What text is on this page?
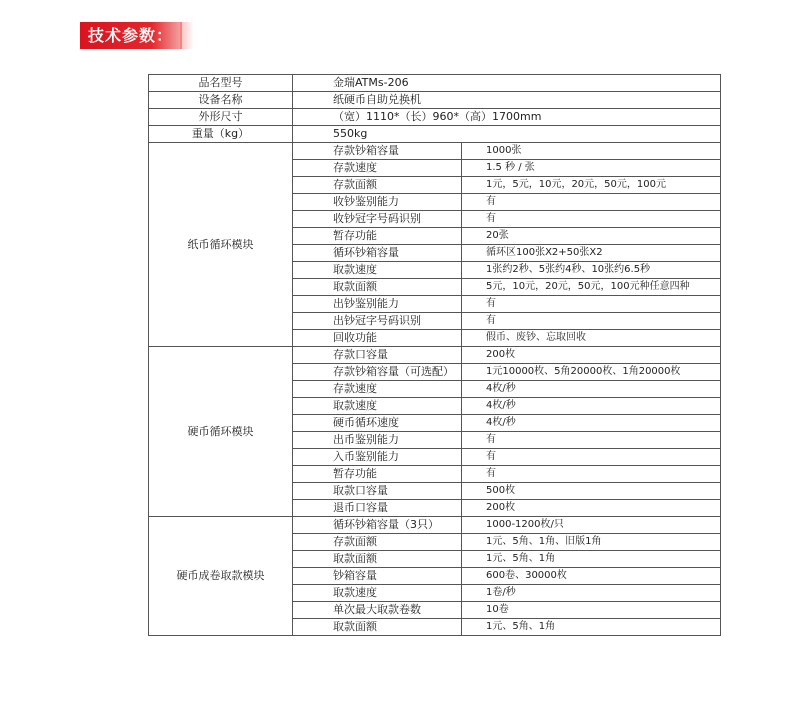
技术参数：
品名型号	金瑞ATMs-206	
设备名称	纸硬币自助兑换机	
外形尺寸	（宽）1110*（长）960*（高）1700mm	
重量（kg）	550kg	
纸币循环模块	存款钞箱容量	1000张
	存款速度	1.5 秒 / 张
	存款面额	1元，5元，10元，20元，50元，100元
	收钞鉴别能力	有
	收钞冠字号码识别	有
	暂存功能	20张
	循环钞箱容量	循环区100张X2+50张X2
	取款速度	1张约2秒、5张约4秒、10张约6.5秒
	取款面额	5元，10元，20元，50元，100元种任意四种
	出钞鉴别能力	有
	出钞冠字号码识别	有
	回收功能	假币、废钞、忘取回收
硬币循环模块	存款口容量	200枚
	存款钞箱容量（可选配）	1元10000枚、5角20000枚、1角20000枚
	存款速度	4枚/秒
	取款速度	4枚/秒
	硬币循环速度	4枚/秒
	出币鉴别能力	有
	入币鉴别能力	有
	暂存功能	有
	取款口容量	500枚
	退币口容量	200枚
硬币成卷取款模块	循环钞箱容量（3只）	1000-1200枚/只
	存款面额	1元、5角、1角、旧版1角
	取款面额	1元、5角、1角
	钞箱容量	600卷、30000枚
	取款速度	1卷/秒
	单次最大取款卷数	10卷
	取款面额	1元、5角、1角
